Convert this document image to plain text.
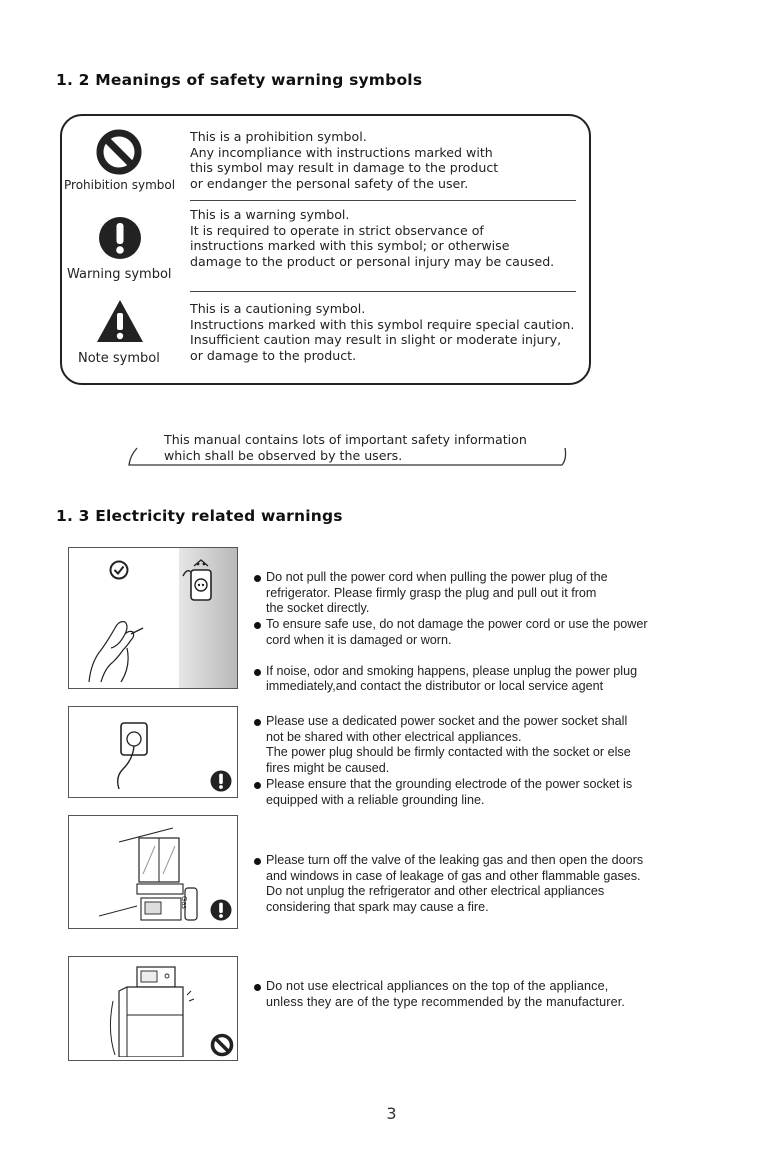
1. 2 Meanings of safety warning symbols
Prohibition symbol
This is a prohibition symbol.
Any incompliance with instructions marked with
this symbol may result in damage to the product
or endanger the personal safety of the user.
Warning symbol
This is a warning symbol.
It is required to operate in strict observance of
instructions marked with this symbol; or otherwise
damage to the product or personal injury may be caused.
Note symbol
This is a cautioning symbol.
Instructions marked with this symbol require special caution.
Insufficient caution may result in slight or moderate injury,
or damage to the product.
This manual contains lots of important safety information
which shall be observed by the users.
1. 3 Electricity related warnings
Do not pull the power cord when pulling the power plug of the
refrigerator. Please firmly grasp the plug and pull out it from
the socket directly.
To ensure safe use, do not damage the power cord or use the power
cord when it is damaged or worn.
If noise, odor and smoking happens, please unplug the power plug
immediately,and contact the distributor or local service agent
Please use a dedicated power socket and the power socket shall
not be shared with other electrical appliances.
The power plug should be firmly contacted with the socket or else
fires might be caused.
Please ensure that the grounding electrode of the power socket is
equipped with a reliable grounding line.
Gas
Please turn off the valve of the leaking gas and then open the doors
and windows in case of leakage of gas and other flammable gases.
Do not unplug the refrigerator and other electrical appliances
considering that spark may cause a fire.
Do not use electrical appliances on the top of the appliance,
unless they are of the type recommended by the manufacturer.
3
